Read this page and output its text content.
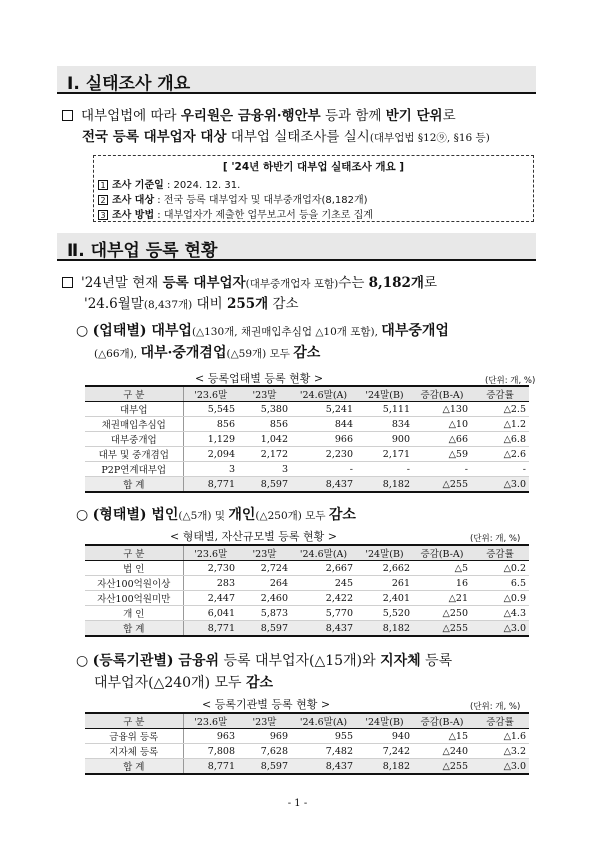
Ⅰ. 실태조사 개요
대부업법에 따라 우리원은 금융위·행안부 등과 함께 반기 단위로
전국 등록 대부업자 대상 대부업 실태조사를 실시(대부업법 §12⑨, §16 등)
[ '24년 하반기 대부업 실태조사 개요 ]
1 조사 기준일 : 2024. 12. 31.
2 조사 대상 : 전국 등록 대부업자 및 대부중개업자(8,182개)
3 조사 방법 : 대부업자가 제출한 업무보고서 등을 기초로 집계
Ⅱ. 대부업 등록 현황
'24년말 현재 등록 대부업자(대부중개업자 포함)수는 8,182개로
'24.6월말(8,437개) 대비 255개 감소
○ (업태별) 대부업(△130개, 채권매입추심업 △10개 포함), 대부중개업
(△66개), 대부·중개겸업(△59개) 모두 감소
< 등록업태별 등록 현황 >	(단위: 개, %)
구 분	'23.6말	'23말	'24.6말(A)	'24말(B)	증감(B-A)	증감률
대부업	5,545	5,380	5,241	5,111	△130	△2.5
채권매입추심업	856	856	844	834	△10	△1.2
대부중개업	1,129	1,042	966	900	△66	△6.8
대부 및 중개겸업	2,094	2,172	2,230	2,171	△59	△2.6
P2P연계대부업	3	3	-	-	-	-
합 계	8,771	8,597	8,437	8,182	△255	△3.0
○ (형태별) 법인(△5개) 및 개인(△250개) 모두 감소
< 형태별, 자산규모별 등록 현황 >	(단위: 개, %)
구 분	'23.6말	'23말	'24.6말(A)	'24말(B)	증감(B-A)	증감률
법 인	2,730	2,724	2,667	2,662	△5	△0.2
자산100억원이상	283	264	245	261	16	6.5
자산100억원미만	2,447	2,460	2,422	2,401	△21	△0.9
개 인	6,041	5,873	5,770	5,520	△250	△4.3
합 계	8,771	8,597	8,437	8,182	△255	△3.0
○ (등록기관별) 금융위 등록 대부업자(△15개)와 지자체 등록
대부업자(△240개) 모두 감소
< 등록기관별 등록 현황 >	(단위: 개, %)
구 분	'23.6말	'23말	'24.6말(A)	'24말(B)	증감(B-A)	증감률
금융위 등록	963	969	955	940	△15	△1.6
지자체 등록	7,808	7,628	7,482	7,242	△240	△3.2
합 계	8,771	8,597	8,437	8,182	△255	△3.0
- 1 -
